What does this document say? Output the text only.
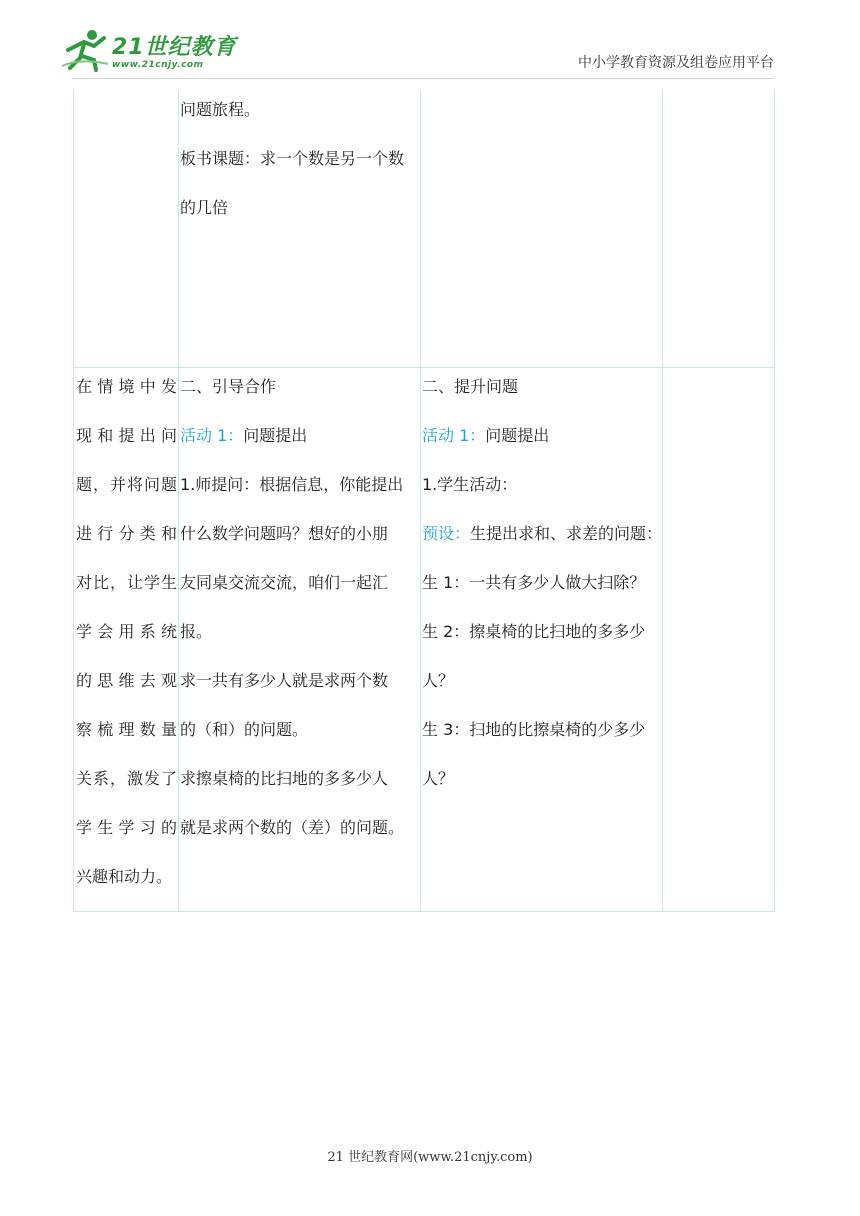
21世纪教育
www.21cnjy.com	中小学教育资源及组卷应用平台
问题旅程。
板书课题：求一个数是另一个数
的几倍
在情境中发
现和提出问
题，并将问题
进行分类和
对比，让学生
学会用系统
的思维去观
察梳理数量
关系，激发了
学生学习的
兴趣和动力。
二、引导合作
活动 1：问题提出
1.师提问：根据信息，你能提出
什么数学问题吗？想好的小朋
友同桌交流交流，咱们一起汇
报。
求一共有多少人就是求两个数
的（和）的问题。
求擦桌椅的比扫地的多多少人
就是求两个数的（差）的问题。
二、提升问题
活动 1：问题提出
1.学生活动：
预设：生提出求和、求差的问题：
生 1：一共有多少人做大扫除？
生 2：擦桌椅的比扫地的多多少
人？
生 3：扫地的比擦桌椅的少多少
人？
21 世纪教育网(www.21cnjy.com)
